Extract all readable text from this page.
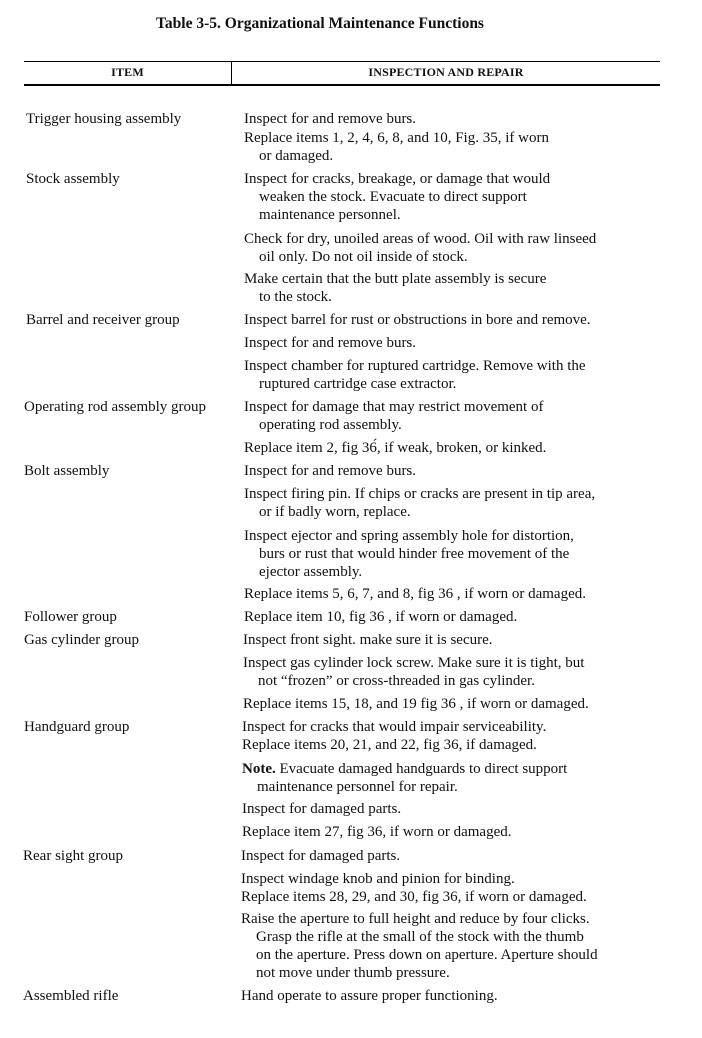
Table 3-5. Organizational Maintenance Functions
ITEM	INSPECTION AND REPAIR
Trigger housing assembly	Inspect for and remove burs.
Replace items 1, 2, 4, 6, 8, and 10, Fig. 35, if worn
or damaged.
Stock assembly	Inspect for cracks, breakage, or damage that would
weaken the stock. Evacuate to direct support
maintenance personnel.
Check for dry, unoiled areas of wood. Oil with raw linseed
oil only. Do not oil inside of stock.
Make certain that the butt plate assembly is secure
to the stock.
Barrel and receiver group	Inspect barrel for rust or obstructions in bore and remove.
Inspect for and remove burs.
Inspect chamber for ruptured cartridge. Remove with the
ruptured cartridge case extractor.
Operating rod assembly group	Inspect for damage that may restrict movement of
operating rod assembly.
Replace item 2, fig 36́, if weak, broken, or kinked.
Bolt assembly	Inspect for and remove burs.
Inspect firing pin. If chips or cracks are present in tip area,
or if badly worn, replace.
Inspect ejector and spring assembly hole for distortion,
burs or rust that would hinder free movement of the
ejector assembly.
Replace items 5, 6, 7, and 8, fig 36 , if worn or damaged.
Follower group	Replace item 10, fig 36 , if worn or damaged.
Gas cylinder group	Inspect front sight. make sure it is secure.
Inspect gas cylinder lock screw. Make sure it is tight, but
not “frozen” or cross-threaded in gas cylinder.
Replace items 15, 18, and 19 fig 36 , if worn or damaged.
Handguard group	Inspect for cracks that would impair serviceability.
Replace items 20, 21, and 22, fig 36, if damaged.
Note. Evacuate damaged handguards to direct support
maintenance personnel for repair.
Inspect for damaged parts.
Replace item 27, fig 36, if worn or damaged.
Rear sight group	Inspect for damaged parts.
Inspect windage knob and pinion for binding.
Replace items 28, 29, and 30, fig 36, if worn or damaged.
Raise the aperture to full height and reduce by four clicks.
Grasp the rifle at the small of the stock with the thumb
on the aperture. Press down on aperture. Aperture should
not move under thumb pressure.
Assembled rifle	Hand operate to assure proper functioning.
